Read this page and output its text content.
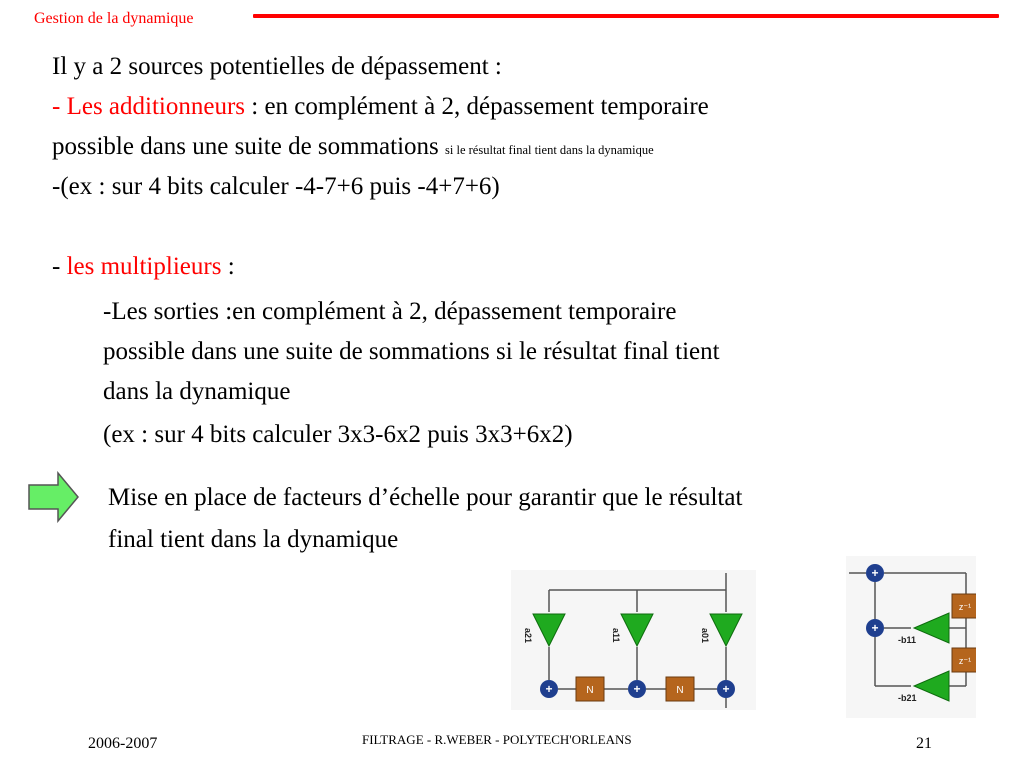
Gestion de la dynamique
Il y a 2 sources potentielles de dépassement :
- Les additionneurs : en complément à 2, dépassement temporaire
possible dans une suite de sommations si le résultat final tient dans la dynamique
-(ex : sur 4 bits calculer -4-7+6 puis -4+7+6)
- les multiplieurs :
-Les sorties :en complément à 2, dépassement temporaire
possible dans une suite de sommations si le résultat final tient
dans la dynamique
(ex : sur 4 bits calculer 3x3-6x2 puis 3x3+6x2)
Mise en place de facteurs d’échelle pour garantir que le résultat
final tient dans la dynamique
a21	a11	a01
+	+	+
N	N
+
+
z⁻¹
z⁻¹
-b11
-b21
2006-2007	FILTRAGE - R.WEBER - POLYTECH'ORLEANS	21
